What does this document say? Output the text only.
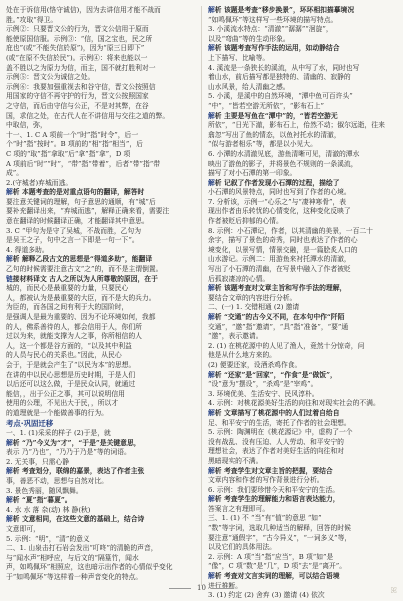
处在于诉信用(恪守诚信)，因为去讲信用才能不战而
胜。”攻取“得卫。
示例②：只要晋文公的行为，晋文公信用于原而
能使原国信服。示例③：“信，国之宝也，民之所
庇也”(或“不能失信於原”)，因为“原三日即下”
(或“在原不失信於民”)。示例④：将来也能以一
盖不胜以之为原力为信，而主，国不就打胜利对一
示例⑤：晋文公为诚信之处。
示例⑥：我要加强重视去和谷守信，晋文公按照信
用国家的守信不再守护的行为，晋文公按照国家
之守信，而后由守信与公正，不是对其弊，在谷
国，求信之处，在古代人在不讲信用与交往之道的弊。
中取信，弥，
十一、1. C A 项前一个“时”指“时令”，后一
个“时”指“按时”。B 项前的“相”指“相当”，后
C 项的“取”指“拿取”后“拿”指“拿”，D 项
A 项前后“时”“时”，“带”指“带着”，后者“带”指“带
成”。
2.(守城者)弃城而逃。
解析 本题考查的是对重点语句的翻译，解答时
要注意关键词的理解，句子意思的通顺，有“城”后
要补充翻译出来，“弃城而逃”，解释正确来看，需要注
意在翻译的时候翻译正确，才能翻译其中意思。
3. C “甲句为是守了吴城，不战而胜，乙句为
是吴王之子，句中之言一下即是一句一下“。
4. 得道多助。
解析 解释乙段古文的思想是“得道多助”，能翻译
乙句的时候需要注意古文“之”的，而不是主谓倒置。
链接材料译文 古人之所以为人所尊敬的原因，在于
城的，而民心是最重要的力量，只要民心
人，都被认为是最重要的大臣，而不是大的兵力。
为臣的，而各国之间有利于大的国阶时，
是强调人是最为重要的、因为不论环境如何，我都
的人，佛系善待的人，都会信用于人，你们所
过以为来，就能支撑为人之事，你所相信的人
人，这一个都是谷方面的，“以及其中利益
的人员与民心的关系也。”因此，从民心
会于，于是就会产生了“以民为本”的思想。
在讲的中以民心思想是历史时期，于是人们
以后还可以这么做，于是民众认同，就通过
能信，，出于公正之事，其可以说明信用
使用的公理，不见出大于民，，所以才
的道理就是一个能做善事的行为。
考点·巩固迁移
一、1. (1)采采的样子 (2)于是，就
解析 “乃”今义为“才”，“于是”是关键意思，
表示 乃“乃也”，“乃乃于乃是”等的词语。
2. 无关事，只需心静
解析 考查划分，联绵的嘉景，表达了作者主张
事，善恶不动，思想与自然对比。
3. 景色秀丽，随风飘舞。
解析 “夏”指“暮夏”。
4. 水 水 落 杂(动) 林 静(秋)
解析 文意相同，在这些文意的基础上，结合诗
文意即可，
5. 示例：“明”，“清”的意义
二、1. 山泉击打石岩会发出“叮咚”的清脆的声音，
与“闻水声”相呼应，与后文的“隔篁竹，闻水
声，如鸣佩环”相照应，这也暗示出作者的心情似乎变化
于“如鸣佩环”等这样看一种声音变化的特点。
解析 该题是考查“移步换景”，环环相扣描摹境况
“如鸣佩环”等这样写一些环境的描写特点。
3. 小溪流水特点：“清澈”“潺潺”“洄旋”，
以及“弯曲”等的生动形象。
解析 该题考查写作手法的运用，如动静结合
上下描写、比喻等。
4. 溪流是一条狭长的溪流，从中写了水，同时也写
着山水，前后描写都是独特的、清幽的、寂静的
山水风景，给人清幽之感。
5. 小溪，是溪中的自然环境，“潭中鱼可百许头”
“中”，“皆若空游无所依”，“影布石上”
解析 主要是写鱼在“潭中”的，“皆若空游无
所依”，“日光下澈，影布石上，佁然不动；俶尔远逝，往来
翕忽”写出了鱼的情态，以鱼衬托水的清澈，
“似与游者相乐”等，都是以小见大。
6. 小潭的水清澈见底，游鱼清晰可见，清澈的潭水
映出了游鱼的影子，并将景色不规则的一条溪流，
描写了对小石潭的第一印象。
解析 记叙了作者发现小石潭的过程，描绘了
小石潭的风景特点，同时也写到了作者的心境。
7. 分析该，示例一“心乐之”与“凄神寒骨”，表
现出作者由乐转忧的心情变化，这种变化反映了
作者被贬后抑郁的心情。
8. 示例：小石潭记，作者，以其清幽的美景，一百二十
余字，描写了景色的奇秀，同时也表达了作者的心
境变化，以景写情，情景交融，是一篇脍炙人口的
山水游记。示例二：用游鱼来衬托潭水的清澈，
写出了小石潭的清幽，在写景中融入了作者被贬
后孤寂凄凉的心情。
解析 该题考查对文章主旨和写作手法的理解，
要结合文章的内容进行分析。
二、(一) 1. 交错相通 (2) 邀请
解析 “交通”的古今义不同，在本句中作“阡陌
交通”，“邀”指“邀请”，“具”指“准备”，“要”通
“邀”，表示邀请。
2. (1) 在桃花源中的人见了渔人，竟然十分惊奇，问
他是从什么地方来的。
(2) 便要还家，设酒杀鸡作食。
解析 “还家”是“回家”，“作食”是“做饭”，
“设”意为“摆设”，“杀鸡”是“宰鸡”。
3. 环境优美、生活安宁、民风淳朴。
4. 示例：对桃花源美好生活的向往和对现实社会的不满。
解析 文章描写了桃花源中的人们过着自给自
足、和平安宁的生活，寄托了作者的社会理想。
5. 示例：陶渊明在《桃花源记》中，虚构了一个
没有战乱、没有压迫、人人劳动、和平安宁的
理想社会，表达了作者对美好生活的向往和对
黑暗现实的不满。
解析 考查学生对文章主旨的把握，要结合
文章内容和作者的写作背景进行分析。
6. 示例：我们要珍惜今天和平安宁的生活。
解析 考查学生的理解能力和语言表达能力，
答案言之有理即可。
三、1. (1) 不 “当”有“值”的意思 “如”
“数”等字词，选取几种适当的解释，回答的时候
要注意“通假字”，“古今异义”，“一词多义”等，
以及它们的具体用法。
2. 示例：A 项“当”指“应当”，B 项“如”是
“像”，C 项“数”是“几”，D 项“去”是“离开”。
解析 考查对文言实词的理解，可以结合语境
进行推断。
3. (1) 约定 (2) 舍弃 (3) 邀请 (4) 依次
10	ꕤ
